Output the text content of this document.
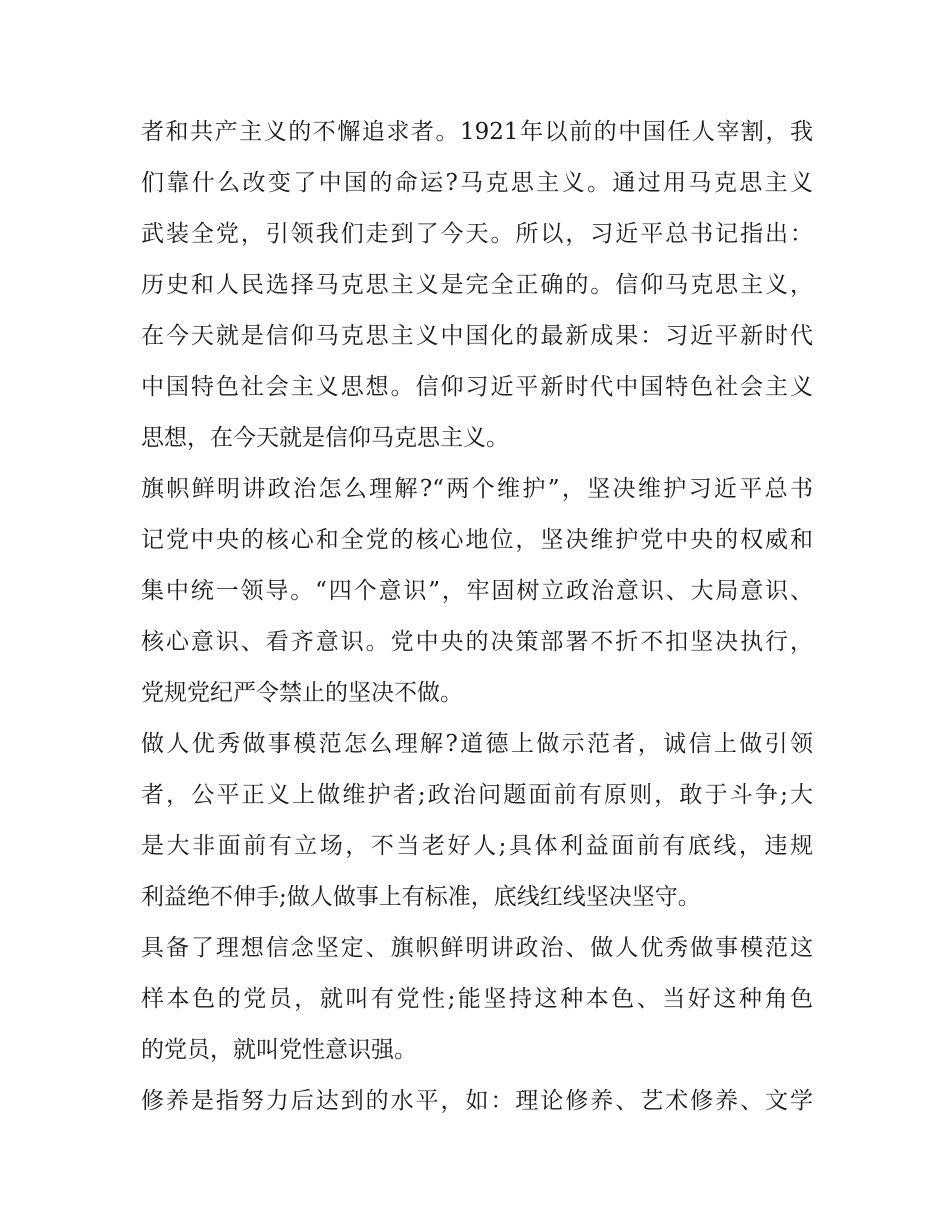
者和共产主义的不懈追求者。1921年以前的中国任人宰割，我
们靠什么改变了中国的命运?马克思主义。通过用马克思主义
武装全党，引领我们走到了今天。所以，习近平总书记指出：
历史和人民选择马克思主义是完全正确的。信仰马克思主义，
在今天就是信仰马克思主义中国化的最新成果：习近平新时代
中国特色社会主义思想。信仰习近平新时代中国特色社会主义
思想，在今天就是信仰马克思主义。
旗帜鲜明讲政治怎么理解?“两个维护”，坚决维护习近平总书
记党中央的核心和全党的核心地位，坚决维护党中央的权威和
集中统一领导。“四个意识”，牢固树立政治意识、大局意识、
核心意识、看齐意识。党中央的决策部署不折不扣坚决执行，
党规党纪严令禁止的坚决不做。
做人优秀做事模范怎么理解?道德上做示范者，诚信上做引领
者，公平正义上做维护者;政治问题面前有原则，敢于斗争;大
是大非面前有立场，不当老好人;具体利益面前有底线，违规
利益绝不伸手;做人做事上有标准，底线红线坚决坚守。
具备了理想信念坚定、旗帜鲜明讲政治、做人优秀做事模范这
样本色的党员，就叫有党性;能坚持这种本色、当好这种角色
的党员，就叫党性意识强。
修养是指努力后达到的水平，如：理论修养、艺术修养、文学
